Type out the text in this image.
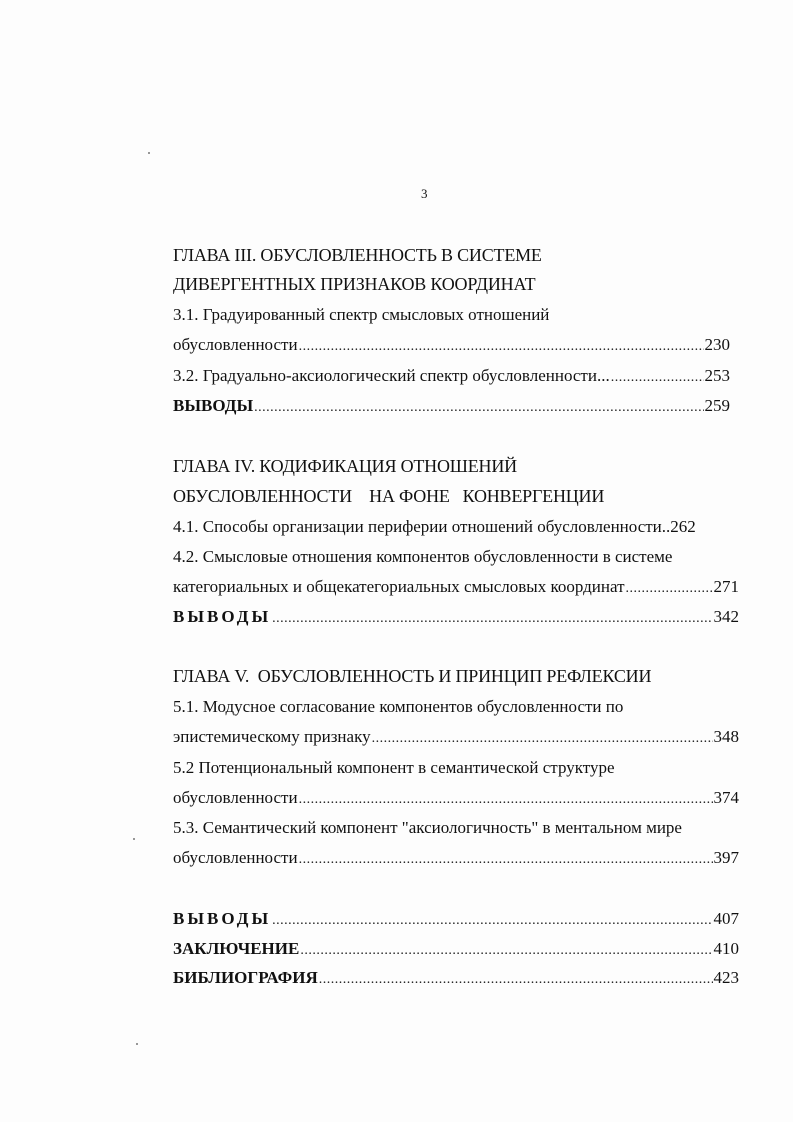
3
ГЛАВА III. ОБУСЛОВЛЕННОСТЬ В СИСТЕМЕ
ДИВЕРГЕНТНЫХ ПРИЗНАКОВ КООРДИНАТ
3.1. Градуированный спектр смысловых отношений
обусловленности .....	230
3.2. Градуально-аксиологический спектр обусловленности... .....	253
ВЫВОДЫ .....	259
ГЛАВА IV. КОДИФИКАЦИЯ ОТНОШЕНИЙ
ОБУСЛОВЛЕННОСТИ    НА ФОНЕ   КОНВЕРГЕНЦИИ
4.1. Способы организации периферии отношений обусловленности.. 262
4.2. Смысловые отношения компонентов обусловленности в системе
категориальных и общекатегориальных смысловых координат .....	271
ВЫВОДЫ .....	342
ГЛАВА V.  ОБУСЛОВЛЕННОСТЬ И ПРИНЦИП РЕФЛЕКСИИ
5.1. Модусное согласование компонентов обусловленности по
эпистемическому признаку .....	348
5.2 Потенциональный компонент в семантической структуре
обусловленности .....	374
5.3. Семантический компонент "аксиологичность" в ментальном мире
обусловленности .....	397
ВЫВОДЫ .....	407
ЗАКЛЮЧЕНИЕ .....	410
БИБЛИОГРАФИЯ .....	423
